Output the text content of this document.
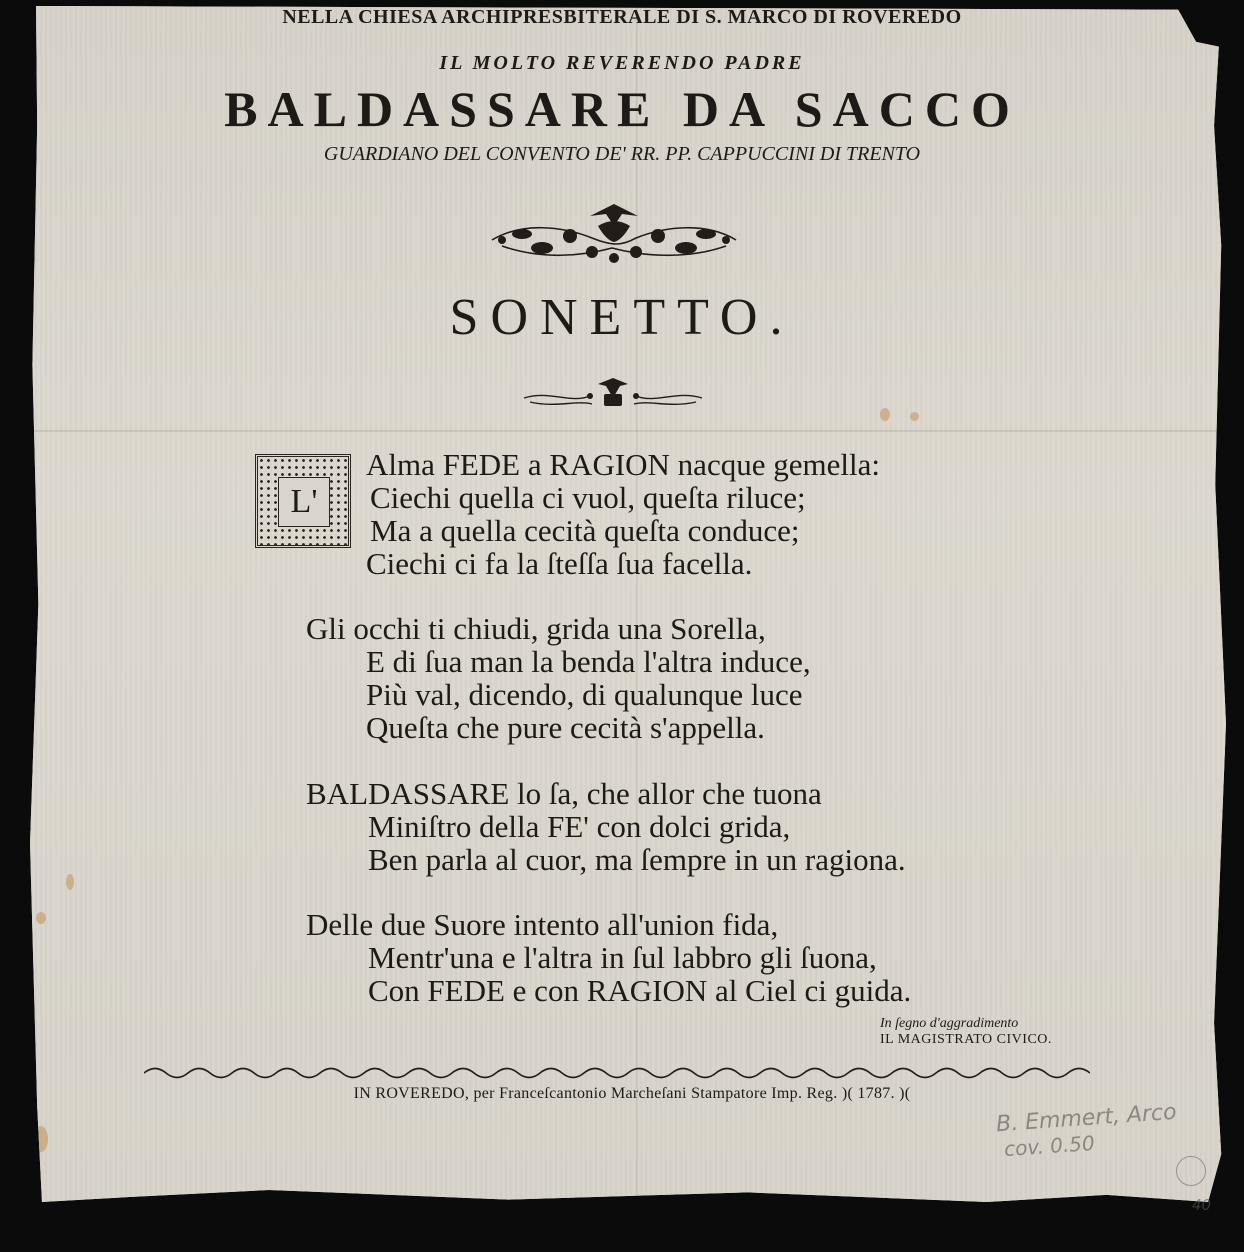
NELLA CHIESA ARCHIPRESBITERALE DI S. MARCO DI ROVEREDO
IL MOLTO REVERENDO PADRE
BALDASSARE DA SACCO
GUARDIANO DEL CONVENTO DE' RR. PP. CAPPUCCINI DI TRENTO
SONETTO.
L'
Alma FEDE a RAGION nacque gemella:
Ciechi quella ci vuol, queſta riluce;
Ma a quella cecità queſta conduce;
Ciechi ci fa la ſteſſa ſua facella.
Gli occhi ti chiudi, grida una Sorella,
E di ſua man la benda l'altra induce,
Più val, dicendo, di qualunque luce
Queſta che pure cecità s'appella.
BALDASSARE lo ſa, che allor che tuona
Miniſtro della FE' con dolci grida,
Ben parla al cuor, ma ſempre in un ragiona.
Delle due Suore intento all'union fida,
Mentr'una e l'altra in ſul labbro gli ſuona,
Con FEDE e con RAGION al Ciel ci guida.
In ſegno d'aggradimento
IL MAGISTRATO CIVICO.
IN ROVEREDO, per Franceſcantonio Marcheſani Stampatore Imp. Reg. )( 1787. )(
B. Emmert, Arco
cov. 0.50
40
